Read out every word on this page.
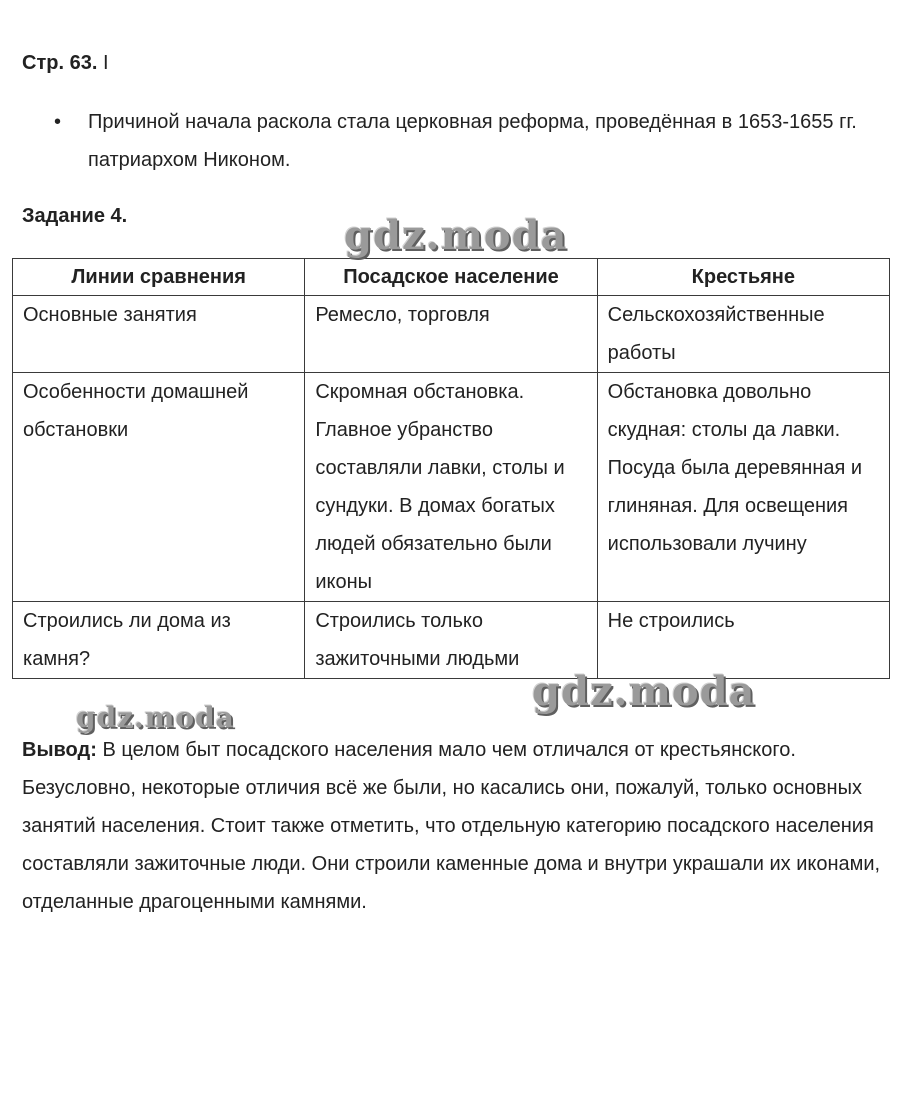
Стр. 63. I
• Причиной начала раскола стала церковная реформа, проведённая в 1653-1655 гг. патриархом Никоном.
Задание 4.
Линии сравнения	Посадское население	Крестьяне
Основные занятия	Ремесло, торговля	Сельскохозяйственные работы
Особенности домашней обстановки	Скромная обстановка. Главное убранство составляли лавки, столы и сундуки. В домах богатых людей обязательно были иконы	Обстановка довольно скудная: столы да лавки. Посуда была деревянная и глиняная. Для освещения использовали лучину
Строились ли дома из камня?	Строились только зажиточными людьми	Не строились
Вывод: В целом быт посадского населения мало чем отличался от крестьянского. Безусловно, некоторые отличия всё же были, но касались они, пожалуй, только основных занятий населения. Стоит также отметить, что отдельную категорию посадского населения составляли зажиточные люди. Они строили каменные дома и внутри украшали их иконами, отделанные драгоценными камнями.
gdz.moda
gdz.moda
gdz.moda
